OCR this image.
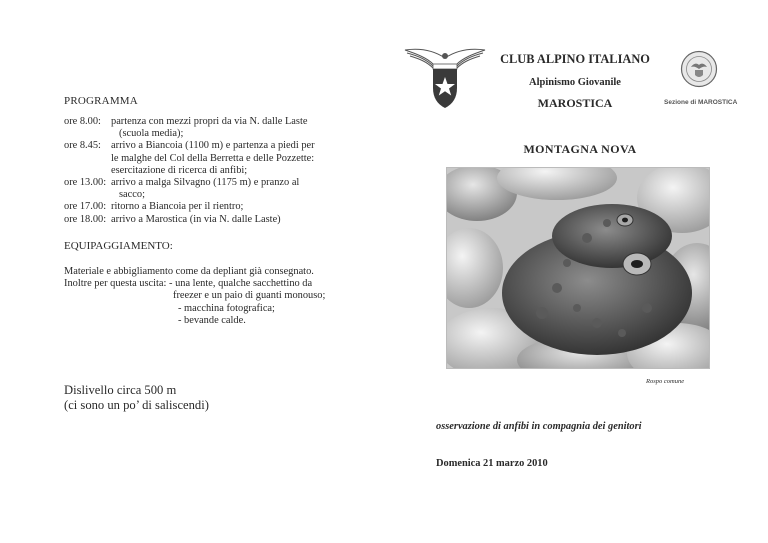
PROGRAMMA
ore 8.00: partenza con mezzi propri da via N. dalle Laste
(scuola media);
ore 8.45: arrivo a Biancoia (1100 m) e partenza a piedi per
le malghe del Col della Berretta e delle Pozzette:
esercitazione di ricerca di anfibi;
ore 13.00: arrivo a malga Silvagno (1175 m) e pranzo al
sacco;
ore 17.00: ritorno a Biancoia per il rientro;
ore 18.00: arrivo a Marostica (in via N. dalle Laste)
EQUIPAGGIAMENTO:
Materiale e abbigliamento come da depliant già consegnato.
Inoltre per questa uscita: - una lente, qualche sacchettino da
freezer e un paio di guanti monouso;
- macchina fotografica;
- bevande calde.
Dislivello circa 500 m
(ci sono un po’ di saliscendi)
CLUB ALPINO ITALIANO
Alpinismo Giovanile
MAROSTICA	Sezione di MAROSTICA
MONTAGNA NOVA
Rospo comune
osservazione di anfibi in compagnia dei genitori
Domenica 21 marzo 2010
